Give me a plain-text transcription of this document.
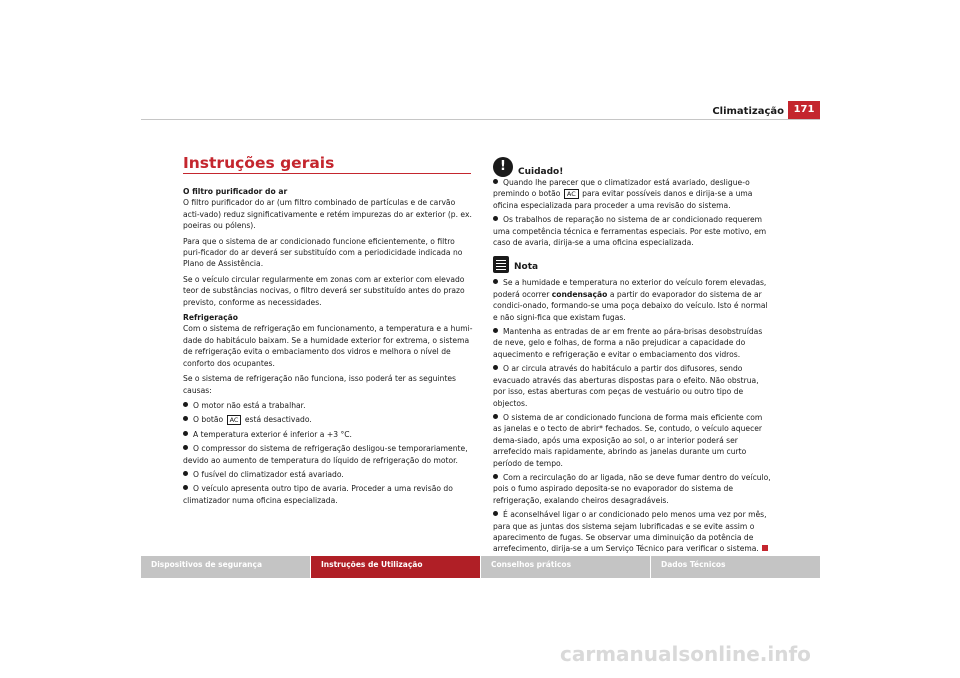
Climatização 171
Instruções gerais
O filtro purificador do ar
O filtro purificador do ar (um filtro combinado de partículas e de carvão acti-vado) reduz significativamente e retém impurezas do ar exterior (p. ex. poeiras ou pólens).
Para que o sistema de ar condicionado funcione eficientemente, o filtro puri-ficador do ar deverá ser substituído com a periodicidade indicada no Plano de Assistência.
Se o veículo circular regularmente em zonas com ar exterior com elevado teor de substâncias nocivas, o filtro deverá ser substituído antes do prazo previsto, conforme as necessidades.
Refrigeração
Com o sistema de refrigeração em funcionamento, a temperatura e a humi-dade do habitáculo baixam. Se a humidade exterior for extrema, o sistema de refrigeração evita o embaciamento dos vidros e melhora o nível de conforto dos ocupantes.
Se o sistema de refrigeração não funciona, isso poderá ter as seguintes causas:
O motor não está a trabalhar.
O botão AC está desactivado.
A temperatura exterior é inferior a +3 °C.
O compressor do sistema de refrigeração desligou-se temporariamente, devido ao aumento de temperatura do líquido de refrigeração do motor.
O fusível do climatizador está avariado.
O veículo apresenta outro tipo de avaria. Proceder a uma revisão do climatizador numa oficina especializada.
!	Cuidado!
Quando lhe parecer que o climatizador está avariado, desligue-o premindo o botão AC para evitar possíveis danos e dirija-se a uma oficina especializada para proceder a uma revisão do sistema.
Os trabalhos de reparação no sistema de ar condicionado requerem uma competência técnica e ferramentas especiais. Por este motivo, em caso de avaria, dirija-se a uma oficina especializada.
Nota
Se a humidade e temperatura no exterior do veículo forem elevadas, poderá ocorrer condensação a partir do evaporador do sistema de ar condici-onado, formando-se uma poça debaixo do veículo. Isto é normal e não signi-fica que existam fugas.
Mantenha as entradas de ar em frente ao pára-brisas desobstruídas de neve, gelo e folhas, de forma a não prejudicar a capacidade do aquecimento e refrigeração e evitar o embaciamento dos vidros.
O ar circula através do habitáculo a partir dos difusores, sendo evacuado através das aberturas dispostas para o efeito. Não obstrua, por isso, estas aberturas com peças de vestuário ou outro tipo de objectos.
O sistema de ar condicionado funciona de forma mais eficiente com as janelas e o tecto de abrir* fechados. Se, contudo, o veículo aquecer dema-siado, após uma exposição ao sol, o ar interior poderá ser arrefecido mais rapidamente, abrindo as janelas durante um curto período de tempo.
Com a recirculação do ar ligada, não se deve fumar dentro do veículo, pois o fumo aspirado deposita-se no evaporador do sistema de refrigeração, exalando cheiros desagradáveis.
É aconselhável ligar o ar condicionado pelo menos uma vez por mês, para que as juntas dos sistema sejam lubrificadas e se evite assim o aparecimento de fugas. Se observar uma diminuição da potência de arrefecimento, dirija-se a um Serviço Técnico para verificar o sistema.
Dispositivos de segurança	Instruções de Utilização	Conselhos práticos	Dados Técnicos
carmanualsonline.info
